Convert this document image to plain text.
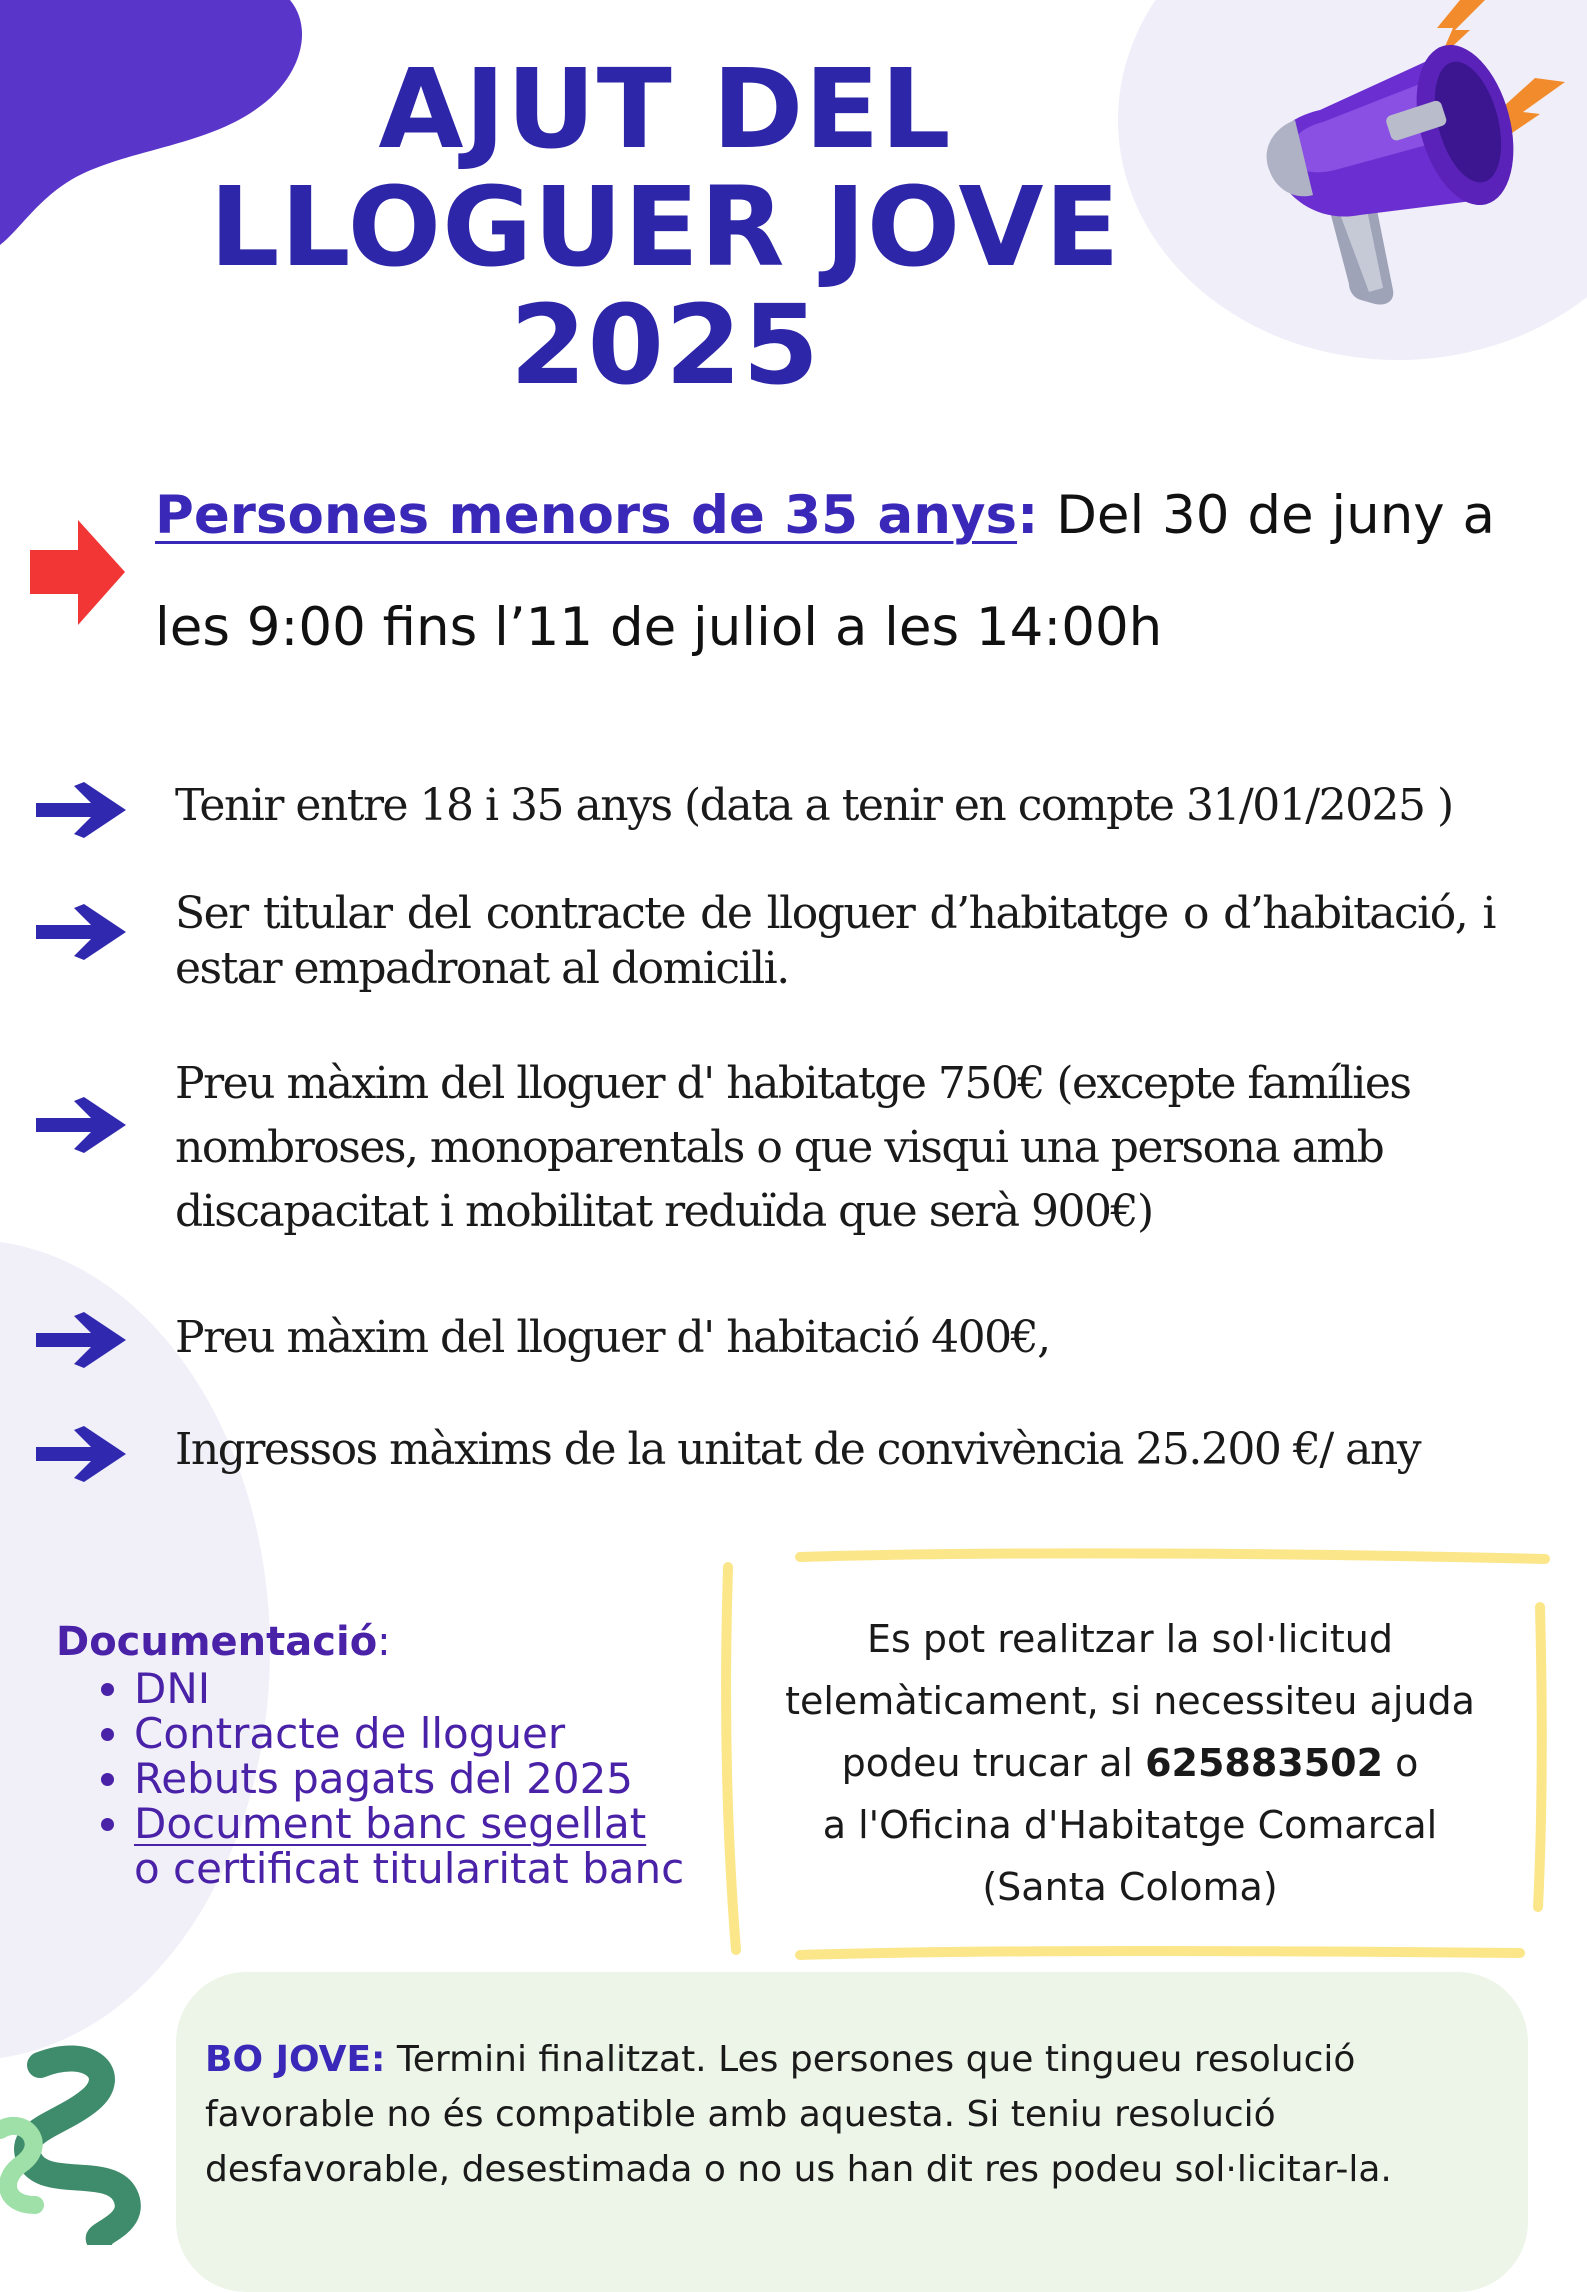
AJUT DEL
LLOGUER JOVE
2025
Persones menors de 35 anys: Del 30 de juny a les 9:00 fins l’11 de juliol a les 14:00h
Tenir entre 18 i 35 anys (data a tenir en compte 31/01/2025 )
Ser titular del contracte de lloguer d’habitatge o d’habitació, i estar empadronat al domicili.
Preu màxim del lloguer d' habitatge 750€ (excepte famílies nombroses, monoparentals o que visqui una persona amb discapacitat i mobilitat reduïda que serà 900€)
Preu màxim del lloguer d' habitació 400€,
Ingressos màxims de la unitat de convivència 25.200 €/ any
Documentació:
• DNI
• Contracte de lloguer
• Rebuts pagats del 2025
• Document banc segellat
o certificat titularitat banc
Es pot realitzar la sol·licitud
telemàticament, si necessiteu ajuda
podeu trucar al 625883502 o
a l'Oficina d'Habitatge Comarcal
(Santa Coloma)
BO JOVE: Termini finalitzat. Les persones que tingueu resolució favorable no és compatible amb aquesta. Si teniu resolució desfavorable, desestimada o no us han dit res podeu sol·licitar-la.
